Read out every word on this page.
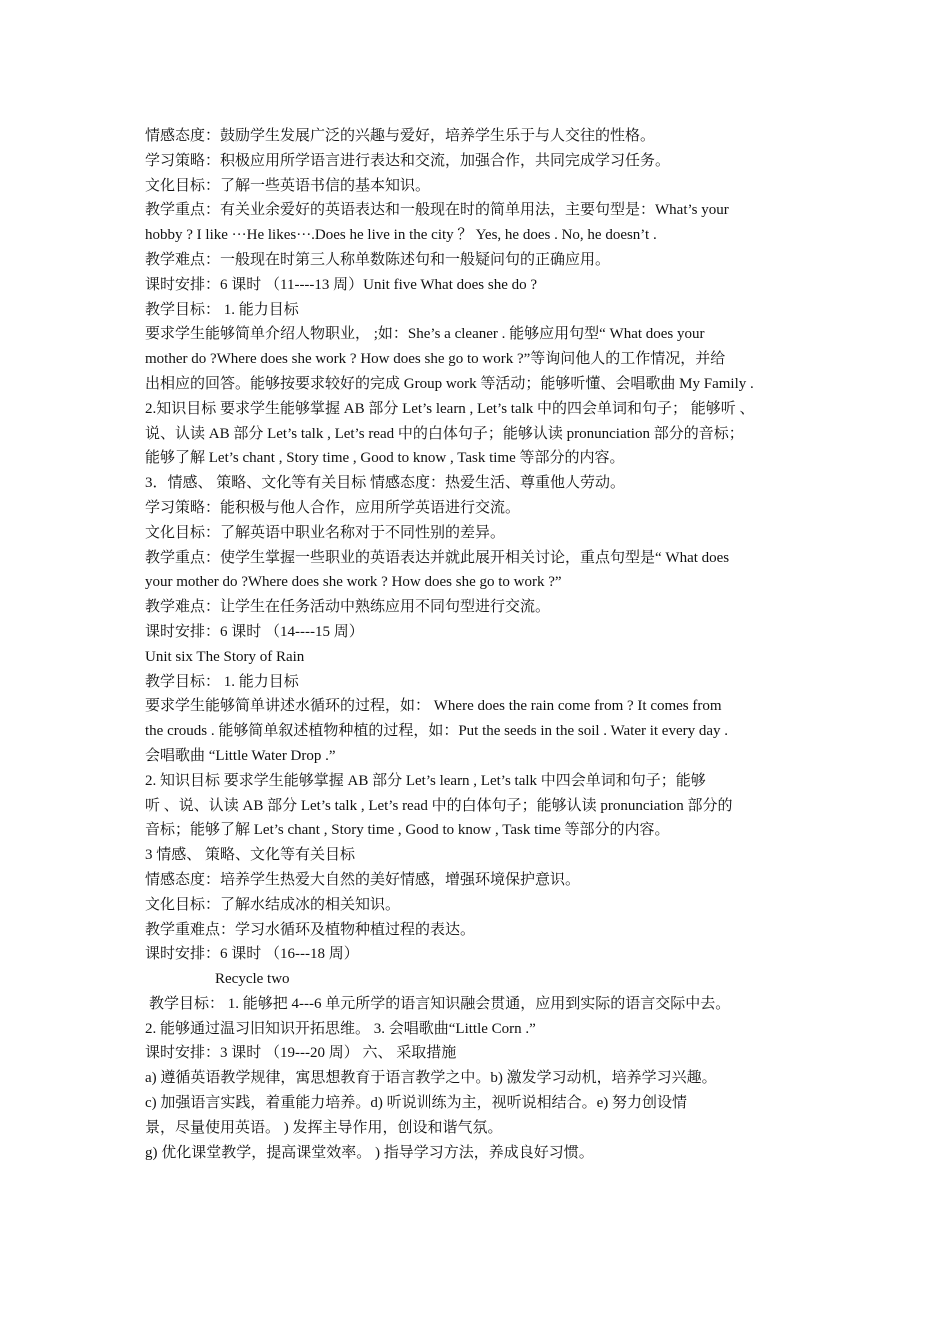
情感态度：鼓励学生发展广泛的兴趣与爱好，培养学生乐于与人交往的性格。
学习策略：积极应用所学语言进行表达和交流，加强合作，共同完成学习任务。
文化目标：了解一些英语书信的基本知识。
教学重点：有关业余爱好的英语表达和一般现在时的简单用法，主要句型是：What’s your
hobby ? I like ···He likes···.Does he live in the city ？ Yes, he does . No, he doesn’t .
教学难点：一般现在时第三人称单数陈述句和一般疑问句的正确应用。
课时安排：6 课时 （11----13 周）Unit five What does she do ?
教学目标： 1. 能力目标
要求学生能够简单介绍人物职业， ;如：She’s a cleaner . 能够应用句型“ What does your
mother do ?Where does she work ? How does she go to work ?”等询问他人的工作情况，并给
出相应的回答。能够按要求较好的完成 Group work 等活动；能够听懂、会唱歌曲 My Family .
2.知识目标 要求学生能够掌握 AB 部分 Let’s learn , Let’s talk 中的四会单词和句子； 能够听 、
说、认读 AB 部分 Let’s talk , Let’s read 中的白体句子；能够认读 pronunciation 部分的音标；
能够了解 Let’s chant , Story time , Good to know , Task time 等部分的内容。
3．情感、 策略、文化等有关目标 情感态度：热爱生活、尊重他人劳动。
学习策略：能积极与他人合作，应用所学英语进行交流。
文化目标：了解英语中职业名称对于不同性别的差异。
教学重点：使学生掌握一些职业的英语表达并就此展开相关讨论，重点句型是“ What does
your mother do ?Where does she work ? How does she go to work ?”
教学难点：让学生在任务活动中熟练应用不同句型进行交流。
课时安排：6 课时 （14----15 周）
Unit six The Story of Rain
教学目标： 1. 能力目标
要求学生能够简单讲述水循环的过程，如： Where does the rain come from ? It comes from
the crouds . 能够简单叙述植物种植的过程，如：Put the seeds in the soil . Water it every day .
会唱歌曲 “Little Water Drop .”
2. 知识目标 要求学生能够掌握 AB 部分 Let’s learn , Let’s talk 中四会单词和句子；能够
听 、说、认读 AB 部分 Let’s talk , Let’s read 中的白体句子；能够认读 pronunciation 部分的
音标；能够了解 Let’s chant , Story time , Good to know , Task time 等部分的内容。
3 情感、 策略、文化等有关目标
情感态度：培养学生热爱大自然的美好情感，增强环境保护意识。
文化目标：了解水结成冰的相关知识。
教学重难点：学习水循环及植物种植过程的表达。
课时安排：6 课时 （16---18 周）
Recycle two
教学目标： 1. 能够把 4---6 单元所学的语言知识融会贯通，应用到实际的语言交际中去。
2. 能够通过温习旧知识开拓思维。 3. 会唱歌曲“Little Corn .”
课时安排：3 课时 （19---20 周） 六、 采取措施
a) 遵循英语教学规律，寓思想教育于语言教学之中。b) 激发学习动机，培养学习兴趣。
c) 加强语言实践，着重能力培养。d) 听说训练为主，视听说相结合。e) 努力创设情
景，尽量使用英语。 ) 发挥主导作用，创设和谐气氛。
g) 优化课堂教学，提高课堂效率。 ) 指导学习方法，养成良好习惯。
